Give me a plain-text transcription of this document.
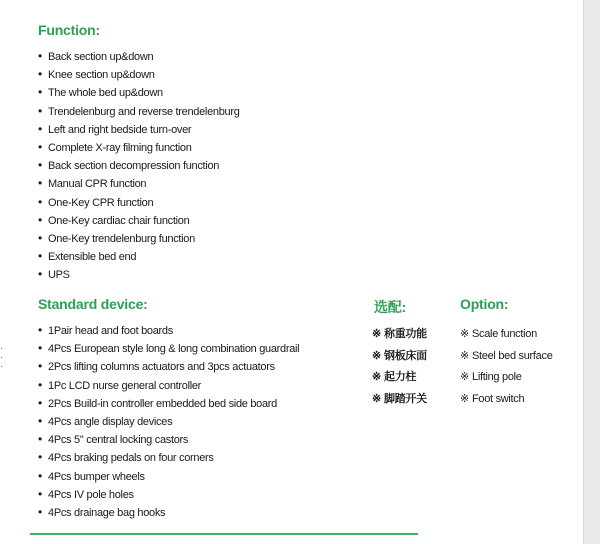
·
·
·
Function:
• Back section up&down
• Knee section up&down
• The whole bed up&down
• Trendelenburg and reverse trendelenburg
• Left and right bedside turn-over
• Complete X-ray filming function
• Back section decompression function
• Manual CPR function
• One-Key CPR function
• One-Key cardiac chair function
• One-Key trendelenburg function
• Extensible bed end
• UPS
Standard device:
• 1Pair head and foot boards
• 4Pcs European style long & long combination guardrail
• 2Pcs lifting columns actuators and 3pcs actuators
• 1Pc LCD nurse general controller
• 2Pcs Build-in controller embedded bed side board
• 4Pcs angle display devices
• 4Pcs 5" central locking castors
• 4Pcs braking pedals on four corners
• 4Pcs bumper wheels
• 4Pcs IV pole holes
• 4Pcs drainage bag hooks
选配:
※ 称重功能
※ 钢板床面
※ 起力柱
※ 脚踏开关
Option:
※ Scale function
※ Steel bed surface
※ Lifting pole
※ Foot switch
